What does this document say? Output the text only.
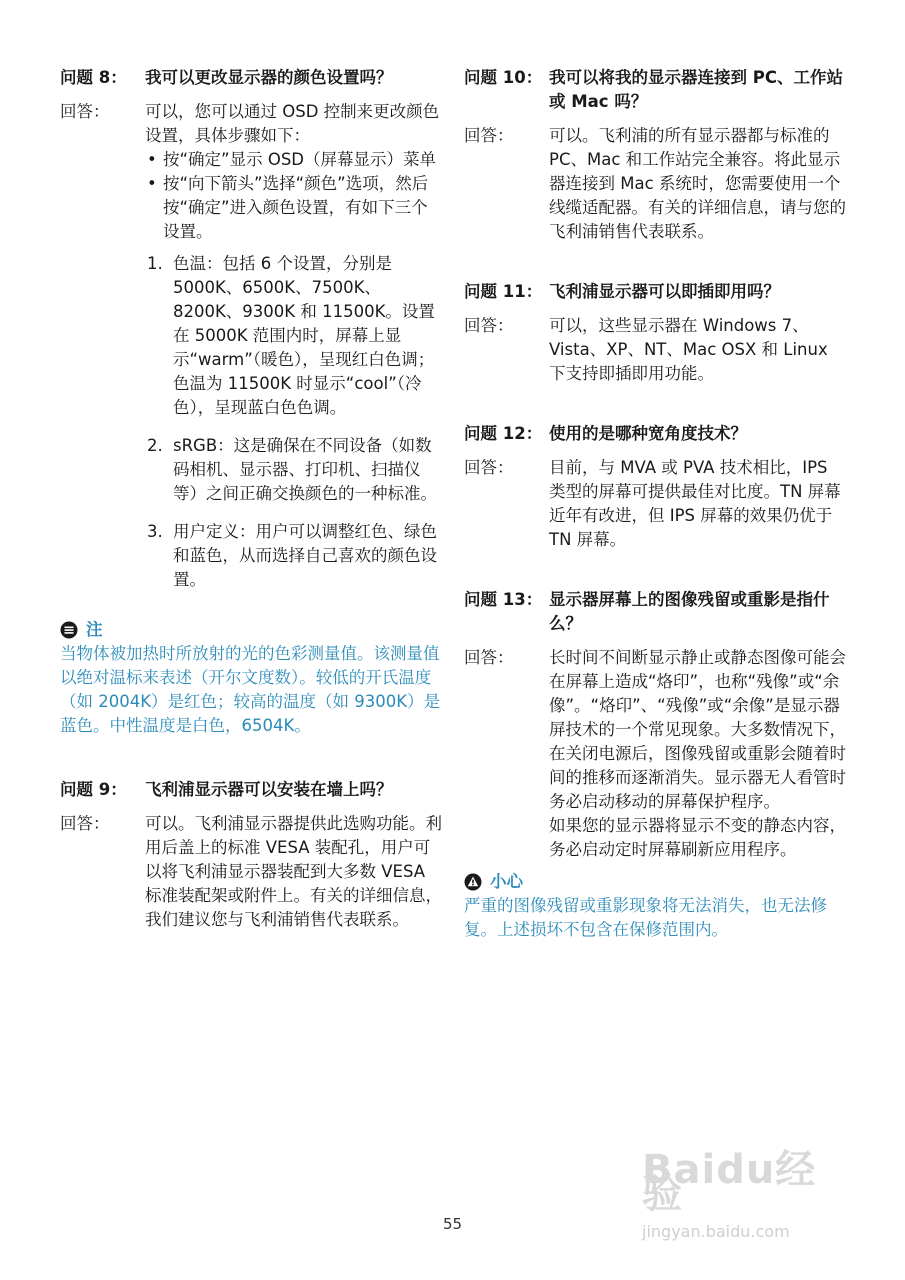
问题 8：	我可以更改显示器的颜色设置吗？
回答：	可以，您可以通过 OSD 控制来更改颜色设置，具体步骤如下：

• 按“确定”显示 OSD（屏幕显示）菜单
• 按“向下箭头”选择“颜色”选项，然后按“确定”进入颜色设置，有如下三个设置。
1. 色温：包括 6 个设置，分别是 5000K、6500K、7500K、8200K、9300K 和 11500K。设置在 5000K 范围内时，屏幕上显示“warm”（暖色），呈现红白色调；色温为 11500K 时显示“cool”（冷色），呈现蓝白色色调。
2. sRGB：这是确保在不同设备（如数码相机、显示器、打印机、扫描仪等）之间正确交换颜色的一种标准。
3. 用户定义：用户可以调整红色、绿色和蓝色，从而选择自己喜欢的颜色设置。
注

当物体被加热时所放射的光的色彩测量值。该测量值以绝对温标来表述（开尔文度数）。较低的开氏温度（如 2004K）是红色；较高的温度（如 9300K）是蓝色。中性温度是白色，6504K。

问题 9：	飞利浦显示器可以安装在墙上吗？
回答：	可以。飞利浦显示器提供此选购功能。利用后盖上的标准 VESA 装配孔，用户可以将飞利浦显示器装配到大多数 VESA 标准装配架或附件上。有关的详细信息，我们建议您与飞利浦销售代表联系。

问题 10： 我可以将我的显示器连接到 PC、工作站或 Mac 吗？
回答：	可以。飞利浦的所有显示器都与标准的 PC、Mac 和工作站完全兼容。将此显示器连接到 Mac 系统时，您需要使用一个线缆适配器。有关的详细信息，请与您的飞利浦销售代表联系。

问题 11： 飞利浦显示器可以即插即用吗？
回答：	可以，这些显示器在 Windows 7、Vista、XP、NT、Mac OSX 和 Linux 下支持即插即用功能。

问题 12： 使用的是哪种宽角度技术？
回答：	目前，与 MVA 或 PVA 技术相比，IPS 类型的屏幕可提供最佳对比度。TN 屏幕近年有改进，但 IPS 屏幕的效果仍优于TN 屏幕。

问题 13： 显示器屏幕上的图像残留或重影是指什么？
回答：	长时间不间断显示静止或静态图像可能会在屏幕上造成“烙印”，也称“残像”或“余像”。“烙印”、“残像”或“余像”是显示器屏技术的一个常见现象。大多数情况下，在关闭电源后，图像残留或重影会随着时间的推移而逐渐消失。显示器无人看管时务必启动移动的屏幕保护程序。

如果您的显示器将显示不变的静态内容，务必启动定时屏幕刷新应用程序。

小心

严重的图像残留或重影现象将无法消失，也无法修复。上述损坏不包含在保修范围内。

55
Baidu经验
jingyan.baidu.com
